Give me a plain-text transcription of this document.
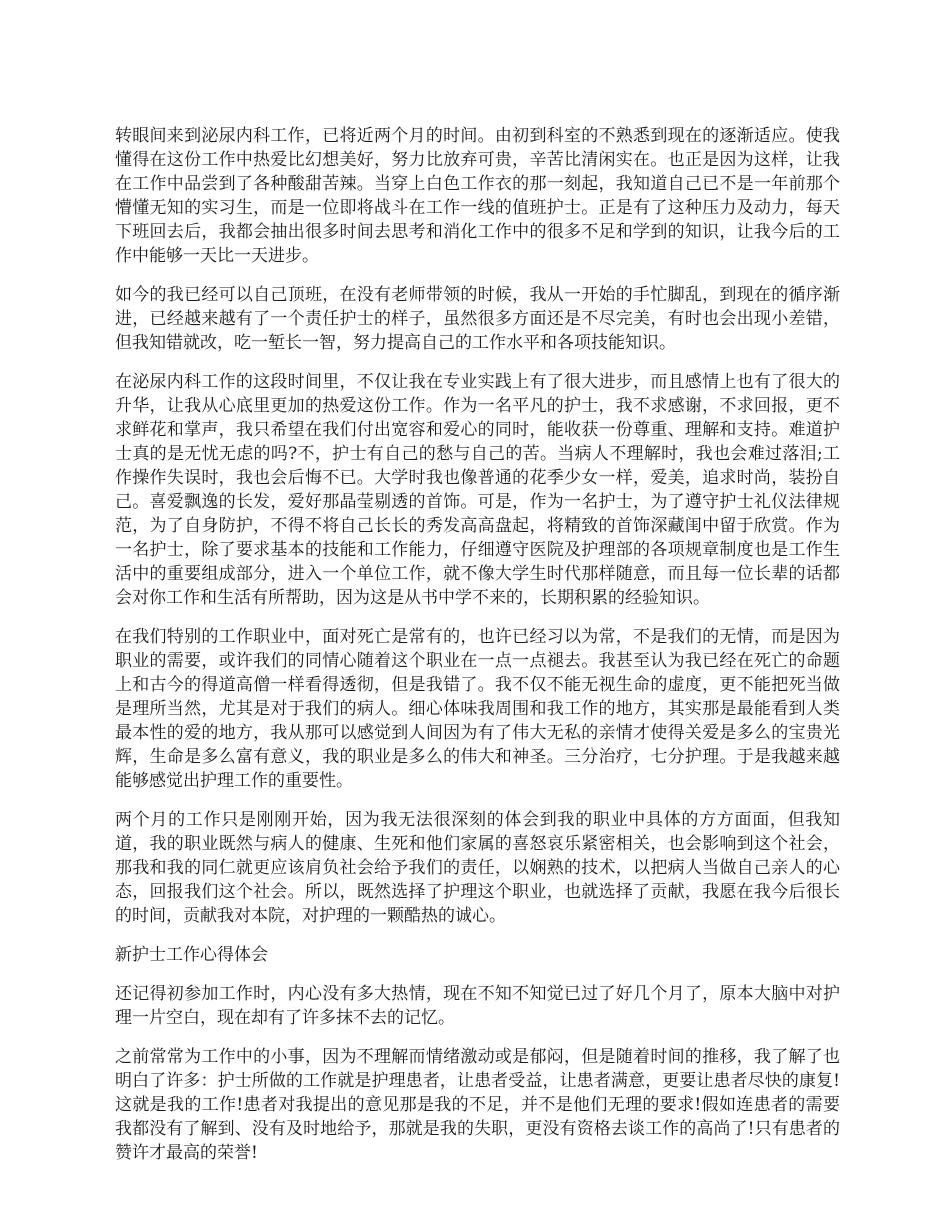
转眼间来到泌尿内科工作，已将近两个月的时间。由初到科室的不熟悉到现在的逐渐适应。使我懂得在这份工作中热爱比幻想美好，努力比放弃可贵，辛苦比清闲实在。也正是因为这样，让我在工作中品尝到了各种酸甜苦辣。当穿上白色工作衣的那一刻起，我知道自己已不是一年前那个懵懂无知的实习生，而是一位即将战斗在工作一线的值班护士。正是有了这种压力及动力，每天下班回去后，我都会抽出很多时间去思考和消化工作中的很多不足和学到的知识，让我今后的工作中能够一天比一天进步。

如今的我已经可以自己顶班，在没有老师带领的时候，我从一开始的手忙脚乱，到现在的循序渐进，已经越来越有了一个责任护士的样子，虽然很多方面还是不尽完美，有时也会出现小差错，但我知错就改，吃一堑长一智，努力提高自己的工作水平和各项技能知识。

在泌尿内科工作的这段时间里，不仅让我在专业实践上有了很大进步，而且感情上也有了很大的升华，让我从心底里更加的热爱这份工作。作为一名平凡的护士，我不求感谢，不求回报，更不求鲜花和掌声，我只希望在我们付出宽容和爱心的同时，能收获一份尊重、理解和支持。难道护士真的是无忧无虑的吗?不，护士有自己的愁与自己的苦。当病人不理解时，我也会难过落泪;工作操作失误时，我也会后悔不已。大学时我也像普通的花季少女一样，爱美，追求时尚，装扮自己。喜爱飘逸的长发，爱好那晶莹剔透的首饰。可是，作为一名护士，为了遵守护士礼仪法律规范，为了自身防护，不得不将自己长长的秀发高高盘起，将精致的首饰深藏闺中留于欣赏。作为一名护士，除了要求基本的技能和工作能力，仔细遵守医院及护理部的各项规章制度也是工作生活中的重要组成部分，进入一个单位工作，就不像大学生时代那样随意，而且每一位长辈的话都会对你工作和生活有所帮助，因为这是从书中学不来的，长期积累的经验知识。

在我们特别的工作职业中，面对死亡是常有的，也许已经习以为常，不是我们的无情，而是因为职业的需要，或许我们的同情心随着这个职业在一点一点褪去。我甚至认为我已经在死亡的命题上和古今的得道高僧一样看得透彻，但是我错了。我不仅不能无视生命的虚度，更不能把死当做是理所当然，尤其是对于我们的病人。细心体味我周围和我工作的地方，其实那是最能看到人类最本性的爱的地方，我从那可以感觉到人间因为有了伟大无私的亲情才使得关爱是多么的宝贵光辉，生命是多么富有意义，我的职业是多么的伟大和神圣。三分治疗，七分护理。于是我越来越能够感觉出护理工作的重要性。

两个月的工作只是刚刚开始，因为我无法很深刻的体会到我的职业中具体的方方面面，但我知道，我的职业既然与病人的健康、生死和他们家属的喜怒哀乐紧密相关，也会影响到这个社会，那我和我的同仁就更应该肩负社会给予我们的责任，以娴熟的技术，以把病人当做自己亲人的心态，回报我们这个社会。所以，既然选择了护理这个职业，也就选择了贡献，我愿在我今后很长的时间，贡献我对本院，对护理的一颗酷热的诚心。

新护士工作心得体会

还记得初参加工作时，内心没有多大热情，现在不知不知觉已过了好几个月了，原本大脑中对护理一片空白，现在却有了许多抹不去的记忆。

之前常常为工作中的小事，因为不理解而情绪激动或是郁闷，但是随着时间的推移，我了解了也明白了许多：护士所做的工作就是护理患者，让患者受益，让患者满意，更要让患者尽快的康复!这就是我的工作!患者对我提出的意见那是我的不足，并不是他们无理的要求!假如连患者的需要我都没有了解到、没有及时地给予，那就是我的失职，更没有资格去谈工作的高尚了!只有患者的赞许才最高的荣誉!
